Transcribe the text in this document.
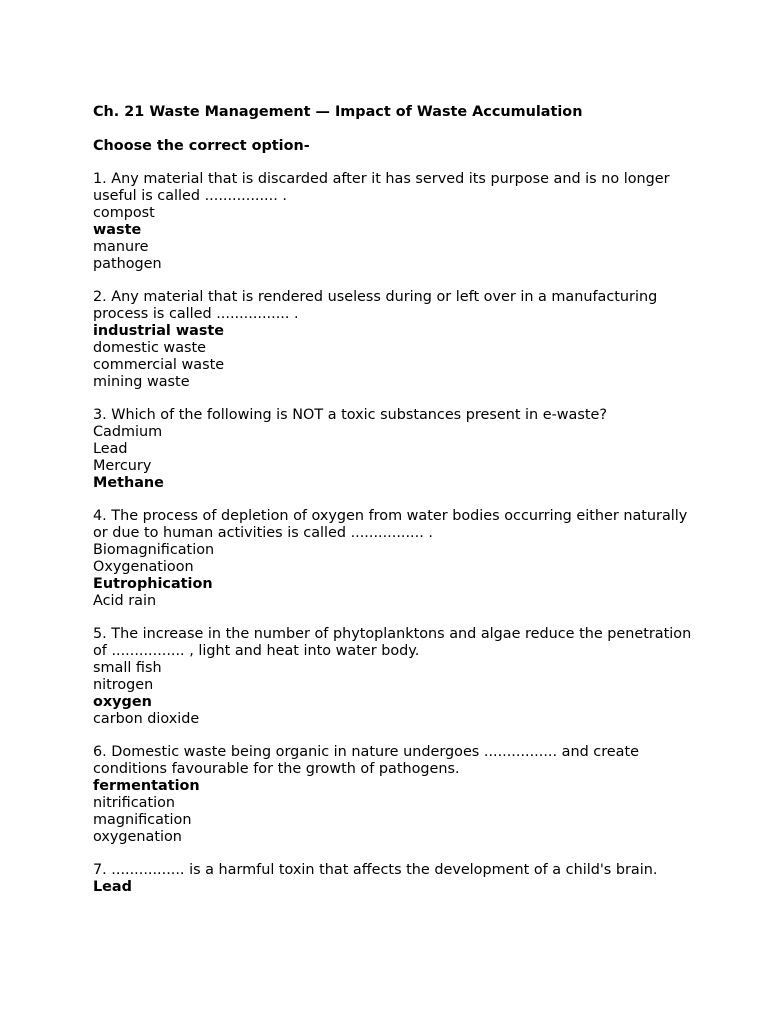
Ch. 21 Waste Management — Impact of Waste Accumulation

Choose the correct option-

1. Any material that is discarded after it has served its purpose and is no longer useful is called ................ .

compost
waste
manure
pathogen

2. Any material that is rendered useless during or left over in a manufacturing process is called ................ .

industrial waste
domestic waste
commercial waste
mining waste

3. Which of the following is NOT a toxic substances present in e-waste?

Cadmium
Lead
Mercury
Methane

4. The process of depletion of oxygen from water bodies occurring either naturally or due to human activities is called ................ .

Biomagnification
Oxygenatioon
Eutrophication
Acid rain

5. The increase in the number of phytoplanktons and algae reduce the penetration of ................ , light and heat into water body.

small fish
nitrogen
oxygen
carbon dioxide

6. Domestic waste being organic in nature undergoes ................ and create conditions favourable for the growth of pathogens.

fermentation
nitrification
magnification
oxygenation

7. ................ is a harmful toxin that affects the development of a child's brain.

Lead
